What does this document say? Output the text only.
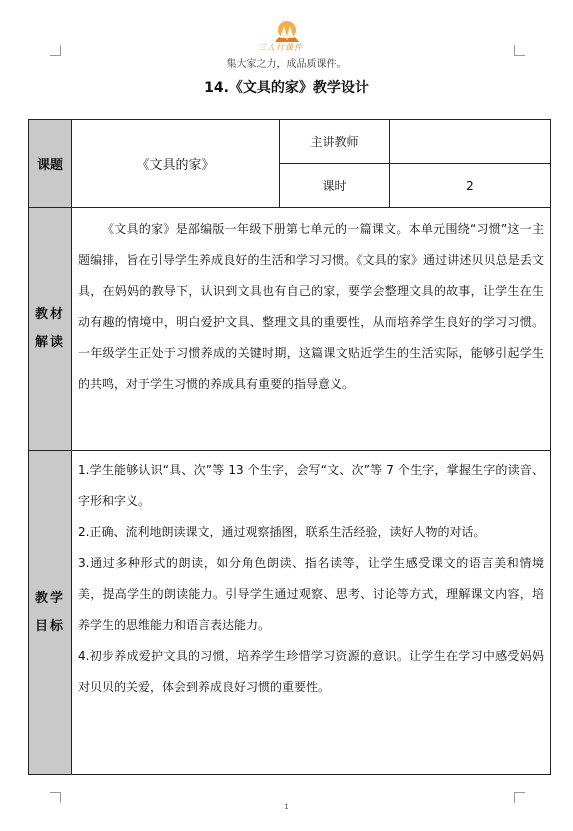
三人行课件
集大家之力，成品质课件。
14.《文具的家》教学设计
课题	《文具的家》	主讲教师	
		课时	2

教材解读	《文具的家》是部编版一年级下册第七单元的一篇课文。本单元围绕“习惯”这一主题编排，旨在引导学生养成良好的生活和学习习惯。《文具的家》通过讲述贝贝总是丢文具，在妈妈的教导下，认识到文具也有自己的家，要学会整理文具的故事，让学生在生动有趣的情境中，明白爱护文具、整理文具的重要性，从而培养学生良好的学习习惯。一年级学生正处于习惯养成的关键时期，这篇课文贴近学生的生活实际，能够引起学生的共鸣，对于学生习惯的养成具有重要的指导意义。		

教学目标	1.学生能够认识“具、次”等 13 个生字，会写“文、次”等 7 个生字，掌握生字的读音、字形和字义。

2.正确、流利地朗读课文，通过观察插图，联系生活经验，读好人物的对话。

3.通过多种形式的朗读，如分角色朗读、指名读等，让学生感受课文的语言美和情境美，提高学生的朗读能力。引导学生通过观察、思考、讨论等方式，理解课文内容，培养学生的思维能力和语言表达能力。

4.初步养成爱护文具的习惯，培养学生珍惜学习资源的意识。让学生在学习中感受妈妈对贝贝的关爱，体会到养成良好习惯的重要性。		

1
